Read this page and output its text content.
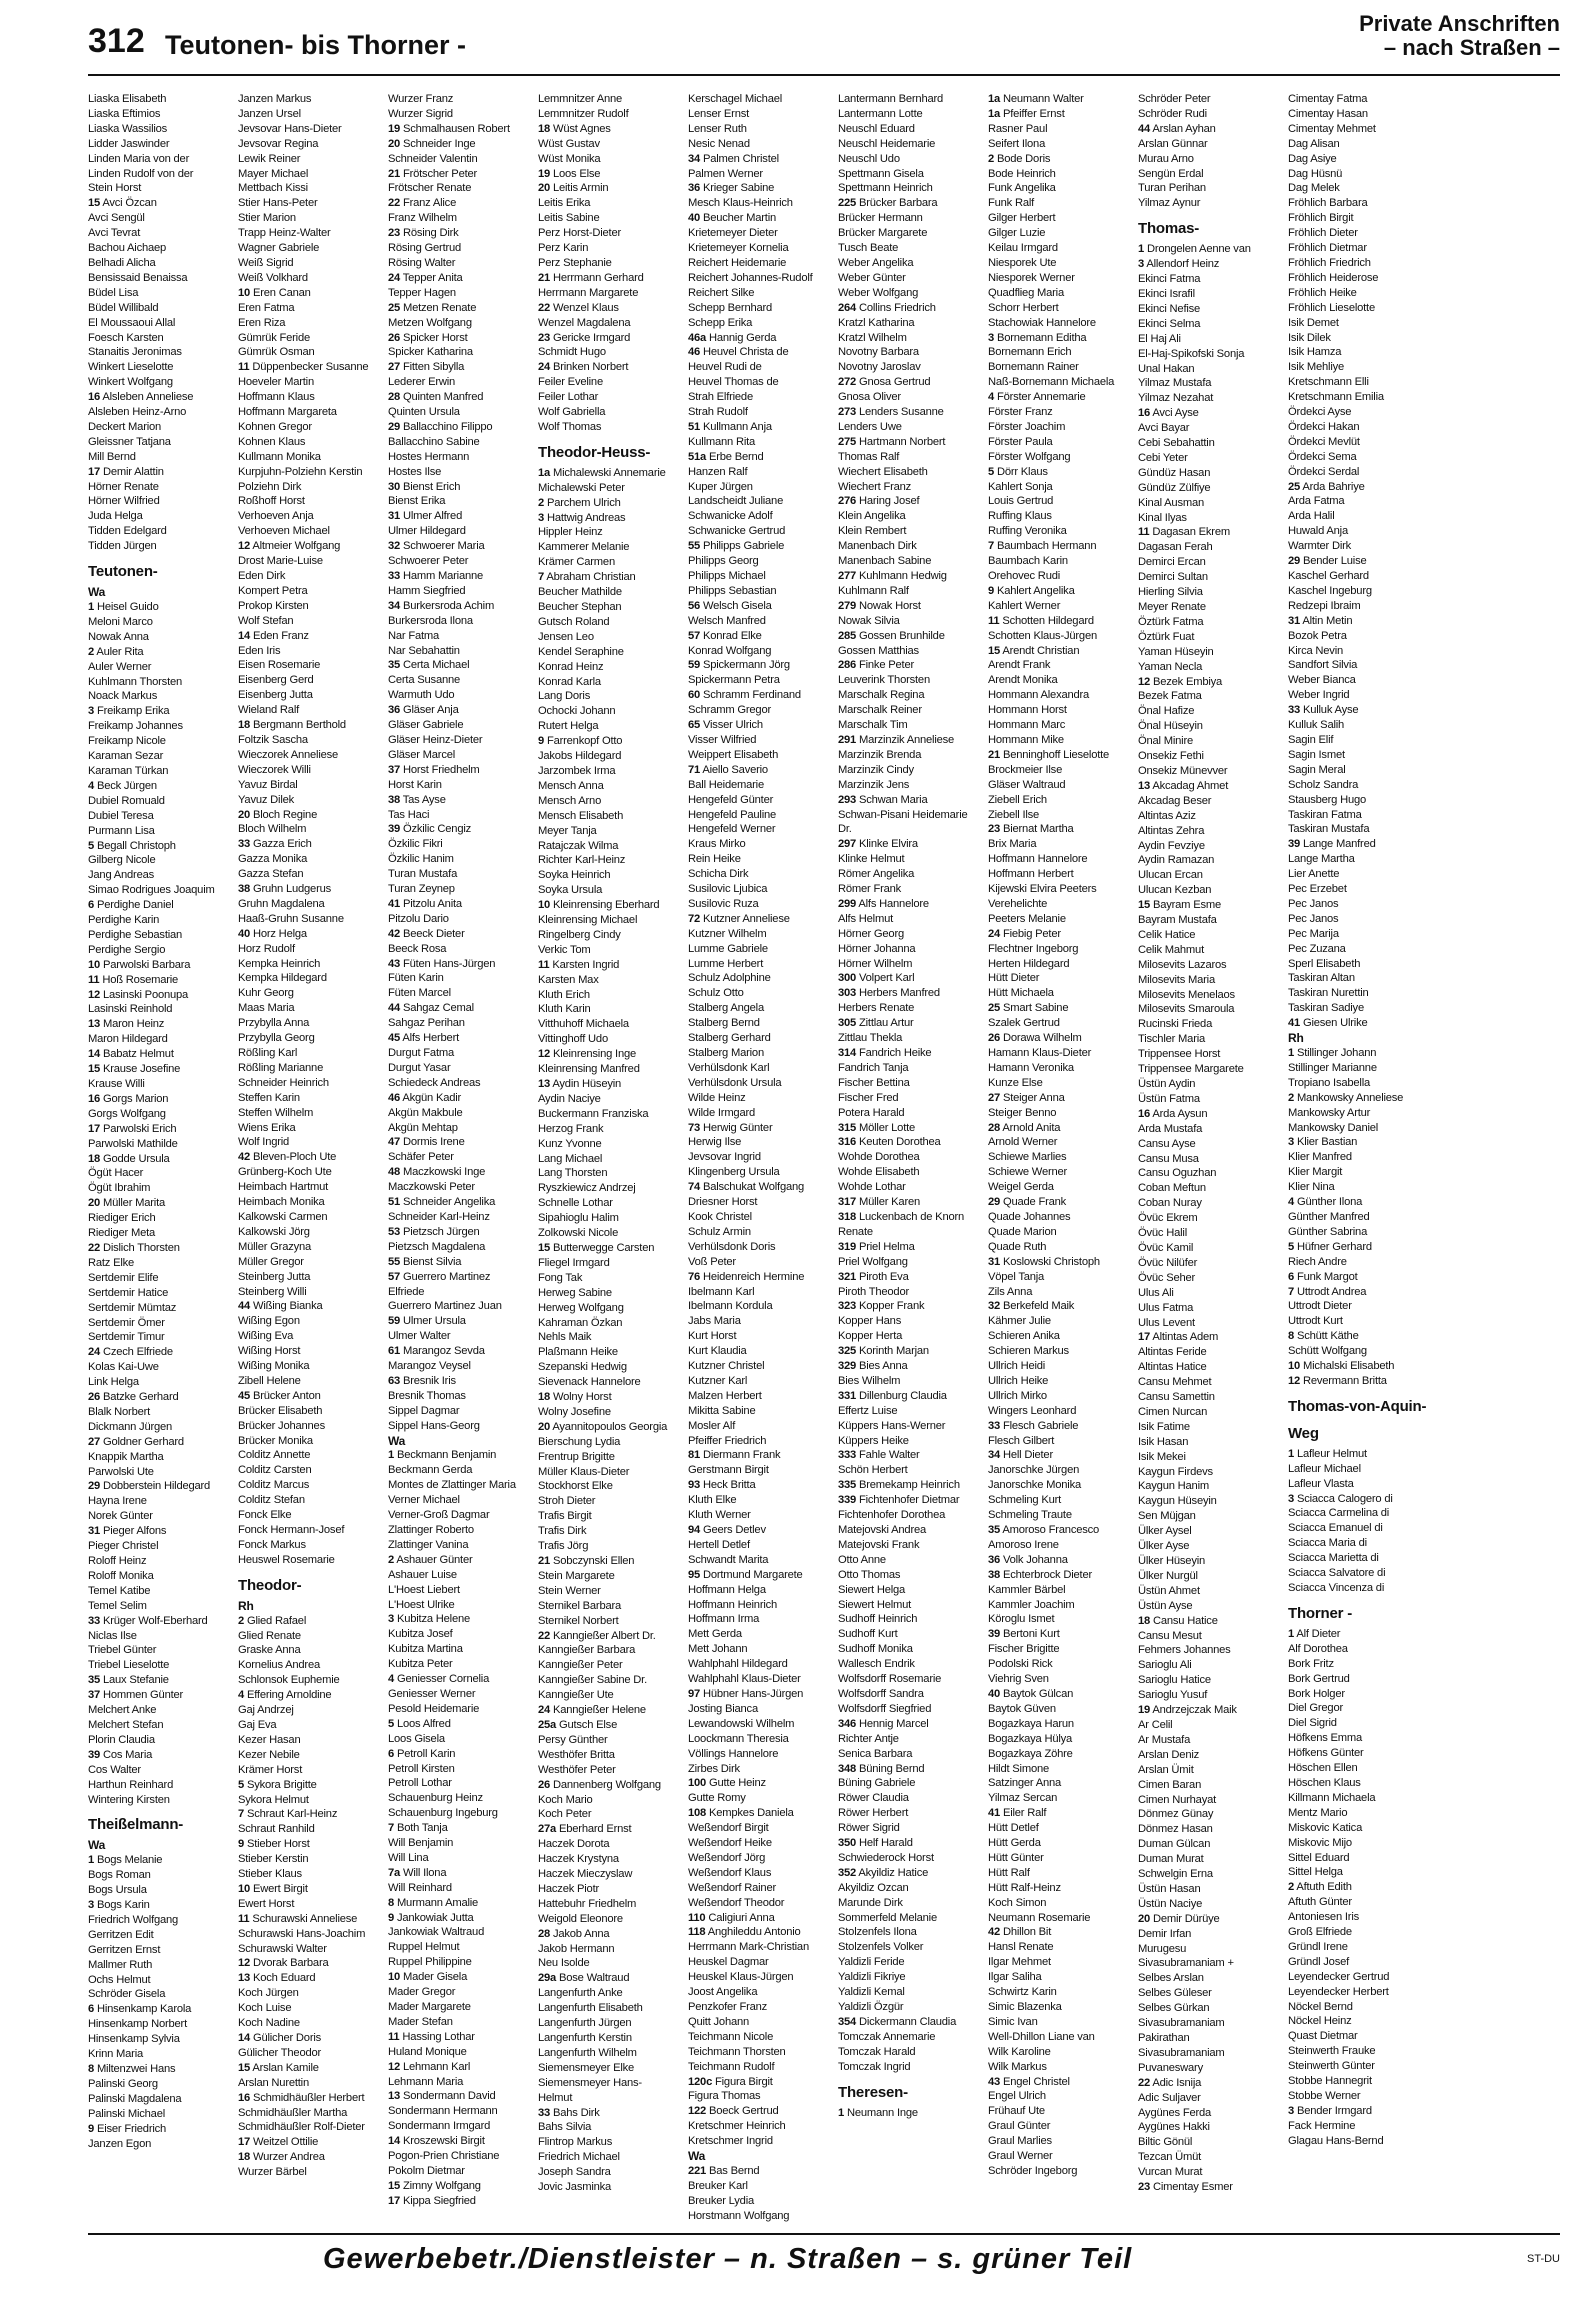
312 Teutonen- bis Thorner -
Private Anschriften
– nach Straßen –
Liaska Elisabeth
Liaska Eftimios
Liaska Wassilios
Lidder Jaswinder
Linden Maria von der
Linden Rudolf von der
Stein Horst
15 Avci Özcan
Avci Sengül
Avci Tevrat
Bachou Aichaep
Belhadi Alicha
Bensissaid Benaissa
Büdel Lisa
Büdel Willibald
El Moussaoui Allal
Foesch Karsten
Stanaitis Jeronimas
Winkert Lieselotte
Winkert Wolfgang
16 Alsleben Anneliese
Alsleben Heinz-Arno
Deckert Marion
Gleissner Tatjana
Mill Bernd
17 Demir Alattin
Hörner Renate
Hörner Wilfried
Juda Helga
Tidden Edelgard
Tidden Jürgen
Teutonen-
Wa
1 Heisel Guido
Meloni Marco
Nowak Anna
2 Auler Rita
Auler Werner
Kuhlmann Thorsten
Noack Markus
3 Freikamp Erika
Freikamp Johannes
Freikamp Nicole
Karaman Sezar
Karaman Türkan
4 Beck Jürgen
Dubiel Romuald
Dubiel Teresa
Purmann Lisa
5 Begall Christoph
Gilberg Nicole
Jang Andreas
Simao Rodrigues Joaquim
6 Perdighe Daniel
Perdighe Karin
Perdighe Sebastian
Perdighe Sergio
10 Parwolski Barbara
11 Hoß Rosemarie
12 Lasinski Poonupa
Lasinski Reinhold
13 Maron Heinz
Maron Hildegard
14 Babatz Helmut
15 Krause Josefine
Krause Willi
16 Gorgs Marion
Gorgs Wolfgang
17 Parwolski Erich
Parwolski Mathilde
18 Godde Ursula
Ögüt Hacer
Ögüt Ibrahim
20 Müller Marita
Riediger Erich
Riediger Meta
22 Dislich Thorsten
Ratz Elke
Sertdemir Elife
Sertdemir Hatice
Sertdemir Mümtaz
Sertdemir Ömer
Sertdemir Timur
24 Czech Elfriede
Kolas Kai-Uwe
Link Helga
26 Batzke Gerhard
Blalk Norbert
Dickmann Jürgen
27 Goldner Gerhard
Knappik Martha
Parwolski Ute
29 Dobberstein Hildegard
Hayna Irene
Norek Günter
31 Pieger Alfons
Pieger Christel
Roloff Heinz
Roloff Monika
Temel Katibe
Temel Selim
33 Krüger Wolf-Eberhard
Niclas Ilse
Triebel Günter
Triebel Lieselotte
35 Laux Stefanie
37 Hommen Günter
Melchert Anke
Melchert Stefan
Plorin Claudia
39 Cos Maria
Cos Walter
Harthun Reinhard
Wintering Kirsten
Theißelmann-
Wa
1 Bogs Melanie
Bogs Roman
Bogs Ursula
3 Bogs Karin
Friedrich Wolfgang
Gerritzen Edit
Gerritzen Ernst
Mallmer Ruth
Ochs Helmut
Schröder Gisela
6 Hinsenkamp Karola
Hinsenkamp Norbert
Hinsenkamp Sylvia
Krinn Maria
8 Miltenzwei Hans
Palinski Georg
Palinski Magdalena
Palinski Michael
9 Eiser Friedrich
Janzen Egon
Janzen Markus
Janzen Ursel
Jevsovar Hans-Dieter
Jevsovar Regina
Lewik Reiner
Mayer Michael
Mettbach Kissi
Stier Hans-Peter
Stier Marion
Trapp Heinz-Walter
Wagner Gabriele
Weiß Sigrid
Weiß Volkhard
10 Eren Canan
Eren Fatma
Eren Riza
Gümrük Feride
Gümrük Osman
11 Düppenbecker Susanne
Hoeveler Martin
Hoffmann Klaus
Hoffmann Margareta
Kohnen Gregor
Kohnen Klaus
Kullmann Monika
Kurpjuhn-Polziehn Kerstin
Polziehn Dirk
Roßhoff Horst
Verhoeven Anja
Verhoeven Michael
12 Altmeier Wolfgang
Drost Marie-Luise
Eden Dirk
Kompert Petra
Prokop Kirsten
Wolf Stefan
14 Eden Franz
Eden Iris
Eisen Rosemarie
Eisenberg Gerd
Eisenberg Jutta
Wieland Ralf
18 Bergmann Berthold
Foltzik Sascha
Wieczorek Anneliese
Wieczorek Willi
Yavuz Birdal
Yavuz Dilek
20 Bloch Regine
Bloch Wilhelm
33 Gazza Erich
Gazza Monika
Gazza Stefan
38 Gruhn Ludgerus
Gruhn Magdalena
Haaß-Gruhn Susanne
40 Horz Helga
Horz Rudolf
Kempka Heinrich
Kempka Hildegard
Kuhr Georg
Maas Maria
Przybylla Anna
Przybylla Georg
Rößling Karl
Rößling Marianne
Schneider Heinrich
Steffen Karin
Steffen Wilhelm
Wiens Erika
Wolf Ingrid
42 Bleven-Ploch Ute
Grünberg-Koch Ute
Heimbach Hartmut
Heimbach Monika
Kalkowski Carmen
Kalkowski Jörg
Müller Grazyna
Müller Gregor
Steinberg Jutta
Steinberg Willi
44 Wißing Bianka
Wißing Egon
Wißing Eva
Wißing Horst
Wißing Monika
Zibell Helene
45 Brücker Anton
Brücker Elisabeth
Brücker Johannes
Brücker Monika
Colditz Annette
Colditz Carsten
Colditz Marcus
Colditz Stefan
Fonck Elke
Fonck Hermann-Josef
Fonck Markus
Heuswel Rosemarie
Theodor-
Rh
2 Glied Rafael
Glied Renate
Graske Anna
Kornelius Andrea
Schlonsok Euphemie
4 Effering Arnoldine
Gaj Andrzej
Gaj Eva
Kezer Hasan
Kezer Nebile
Krämer Horst
5 Sykora Brigitte
Sykora Helmut
7 Schraut Karl-Heinz
Schraut Ranhild
9 Stieber Horst
Stieber Kerstin
Stieber Klaus
10 Ewert Birgit
Ewert Horst
11 Schurawski Anneliese
Schurawski Hans-Joachim
Schurawski Walter
12 Dvorak Barbara
13 Koch Eduard
Koch Jürgen
Koch Luise
Koch Nadine
14 Gülicher Doris
Gülicher Theodor
15 Arslan Kamile
Arslan Nurettin
16 Schmidhäußler Herbert
Schmidhäußler Martha
Schmidhäußler Rolf-Dieter
17 Weitzel Ottilie
18 Wurzer Andrea
Wurzer Bärbel
Wurzer Franz
Wurzer Sigrid
19 Schmalhausen Robert
20 Schneider Inge
Schneider Valentin
21 Frötscher Peter
Frötscher Renate
22 Franz Alice
Franz Wilhelm
23 Rösing Dirk
Rösing Gertrud
Rösing Walter
24 Tepper Anita
Tepper Hagen
25 Metzen Renate
Metzen Wolfgang
26 Spicker Horst
Spicker Katharina
27 Fitten Sibylla
Lederer Erwin
28 Quinten Manfred
Quinten Ursula
29 Ballacchino Filippo
Ballacchino Sabine
Hostes Hermann
Hostes Ilse
30 Bienst Erich
Bienst Erika
31 Ulmer Alfred
Ulmer Hildegard
32 Schwoerer Maria
Schwoerer Peter
33 Hamm Marianne
Hamm Siegfried
34 Burkersroda Achim
Burkersroda Ilona
Nar Fatma
Nar Sebahattin
35 Certa Michael
Certa Susanne
Warmuth Udo
36 Gläser Anja
Gläser Gabriele
Gläser Heinz-Dieter
Gläser Marcel
37 Horst Friedhelm
Horst Karin
38 Tas Ayse
Tas Haci
39 Özkilic Cengiz
Özkilic Fikri
Özkilic Hanim
Turan Mustafa
Turan Zeynep
41 Pitzolu Anita
Pitzolu Dario
42 Beeck Dieter
Beeck Rosa
43 Füten Hans-Jürgen
Füten Karin
Füten Marcel
44 Sahgaz Cemal
Sahgaz Perihan
45 Alfs Herbert
Durgut Fatma
Durgut Yasar
Schiedeck Andreas
46 Akgün Kadir
Akgün Makbule
Akgün Mehtap
47 Dormis Irene
Schäfer Peter
48 Maczkowski Inge
Maczkowski Peter
51 Schneider Angelika
Schneider Karl-Heinz
53 Pietzsch Jürgen
Pietzsch Magdalena
55 Bienst Silvia
57 Guerrero Martinez
Elfriede
Guerrero Martinez Juan
59 Ulmer Ursula
Ulmer Walter
61 Marangoz Sevda
Marangoz Veysel
63 Bresnik Iris
Bresnik Thomas
Sippel Dagmar
Sippel Hans-Georg
Wa
1 Beckmann Benjamin
Beckmann Gerda
Montes de Zlattinger Maria
Verner Michael
Verner-Groß Dagmar
Zlattinger Roberto
Zlattinger Vanina
2 Ashauer Günter
Ashauer Luise
L'Hoest Liebert
L'Hoest Ulrike
3 Kubitza Helene
Kubitza Josef
Kubitza Martina
Kubitza Peter
4 Geniesser Cornelia
Geniesser Werner
Pesold Heidemarie
5 Loos Alfred
Loos Gisela
6 Petroll Karin
Petroll Kirsten
Petroll Lothar
Schauenburg Heinz
Schauenburg Ingeburg
7 Both Tanja
Will Benjamin
Will Lina
7a Will Ilona
Will Reinhard
8 Murmann Amalie
9 Jankowiak Jutta
Jankowiak Waltraud
Ruppel Helmut
Ruppel Philippine
10 Mader Gisela
Mader Gregor
Mader Margarete
Mader Stefan
11 Hassing Lothar
Huland Monique
12 Lehmann Karl
Lehmann Maria
13 Sondermann David
Sondermann Hermann
Sondermann Irmgard
14 Kroszewski Birgit
Pogon-Prien Christiane
Pokolm Dietmar
15 Zimny Wolfgang
17 Kippa Siegfried
Lemmnitzer Anne
Lemmnitzer Rudolf
18 Wüst Agnes
Wüst Gustav
Wüst Monika
19 Loos Else
20 Leitis Armin
Leitis Erika
Leitis Sabine
Perz Horst-Dieter
Perz Karin
Perz Stephanie
21 Herrmann Gerhard
Herrmann Margarete
22 Wenzel Klaus
Wenzel Magdalena
23 Gericke Irmgard
Schmidt Hugo
24 Brinken Norbert
Feiler Eveline
Feiler Lothar
Wolf Gabriella
Wolf Thomas
Theodor-Heuss-
1a Michalewski Annemarie
Michalewski Peter
2 Parchem Ulrich
3 Hattwig Andreas
Hippler Heinz
Kammerer Melanie
Krämer Carmen
7 Abraham Christian
Beucher Mathilde
Beucher Stephan
Gutsch Roland
Jensen Leo
Kendel Seraphine
Konrad Heinz
Konrad Karla
Lang Doris
Ochocki Johann
Rutert Helga
9 Farrenkopf Otto
Jakobs Hildegard
Jarzombek Irma
Mensch Anna
Mensch Arno
Mensch Elisabeth
Meyer Tanja
Ratajczak Wilma
Richter Karl-Heinz
Soyka Heinrich
Soyka Ursula
10 Kleinrensing Eberhard
Kleinrensing Michael
Ringelberg Cindy
Verkic Tom
11 Karsten Ingrid
Karsten Max
Kluth Erich
Kluth Karin
Vitthuhoff Michaela
Vittinghoff Udo
12 Kleinrensing Inge
Kleinrensing Manfred
13 Aydin Hüseyin
Aydin Naciye
Buckermann Franziska
Herzog Frank
Kunz Yvonne
Lang Michael
Lang Thorsten
Ryszkiewicz Andrzej
Schnelle Lothar
Sipahioglu Halim
Zolkowski Nicole
15 Butterwegge Carsten
Fliegel Irmgard
Fong Tak
Herweg Sabine
Herweg Wolfgang
Kahraman Özkan
Nehls Maik
Plaßmann Heike
Szepanski Hedwig
Sievenack Hannelore
18 Wolny Horst
Wolny Josefine
20 Ayannitopoulos Georgia
Bierschung Lydia
Frentrup Brigitte
Müller Klaus-Dieter
Stockhorst Elke
Stroh Dieter
Trafis Birgit
Trafis Dirk
Trafis Jörg
21 Sobczynski Ellen
Stein Margarete
Stein Werner
Sternikel Barbara
Sternikel Norbert
22 Kanngießer Albert Dr.
Kanngießer Barbara
Kanngießer Peter
Kanngießer Sabine Dr.
Kanngießer Ute
24 Kanngießer Helene
25a Gutsch Else
Persy Günther
Westhöfer Britta
Westhöfer Peter
26 Dannenberg Wolfgang
Koch Mario
Koch Peter
27a Eberhard Ernst
Haczek Dorota
Haczek Krystyna
Haczek Mieczyslaw
Haczek Piotr
Hattebuhr Friedhelm
Weigold Eleonore
28 Jakob Anna
Jakob Hermann
Neu Isolde
29a Bose Waltraud
Langenfurth Anke
Langenfurth Elisabeth
Langenfurth Jürgen
Langenfurth Kerstin
Langenfurth Wilhelm
Siemensmeyer Elke
Siemensmeyer Hans-
Helmut
33 Bahs Dirk
Bahs Silvia
Flintrop Markus
Friedrich Michael
Joseph Sandra
Jovic Jasminka
Kerschagel Michael
Lenser Ernst
Lenser Ruth
Nesic Nenad
34 Palmen Christel
Palmen Werner
36 Krieger Sabine
Mesch Klaus-Heinrich
40 Beucher Martin
Krietemeyer Dieter
Krietemeyer Kornelia
Reichert Heidemarie
Reichert Johannes-Rudolf
Reichert Silke
Schepp Bernhard
Schepp Erika
46a Hannig Gerda
46 Heuvel Christa de
Heuvel Rudi de
Heuvel Thomas de
Strah Elfriede
Strah Rudolf
51 Kullmann Anja
Kullmann Rita
51a Erbe Bernd
Hanzen Ralf
Kuper Jürgen
Landscheidt Juliane
Schwanicke Adolf
Schwanicke Gertrud
55 Philipps Gabriele
Philipps Georg
Philipps Michael
Philipps Sebastian
56 Welsch Gisela
Welsch Manfred
57 Konrad Elke
Konrad Wolfgang
59 Spickermann Jörg
Spickermann Petra
60 Schramm Ferdinand
Schramm Gregor
65 Visser Ulrich
Visser Wilfried
Weippert Elisabeth
71 Aiello Saverio
Ball Heidemarie
Hengefeld Günter
Hengefeld Pauline
Hengefeld Werner
Kraus Mirko
Rein Heike
Schicha Dirk
Susilovic Ljubica
Susilovic Ruza
72 Kutzner Anneliese
Kutzner Wilhelm
Lumme Gabriele
Lumme Herbert
Schulz Adolphine
Schulz Otto
Stalberg Angela
Stalberg Bernd
Stalberg Gerhard
Stalberg Marion
Verhülsdonk Karl
Verhülsdonk Ursula
Wilde Heinz
Wilde Irmgard
73 Herwig Günter
Herwig Ilse
Jevsovar Ingrid
Klingenberg Ursula
74 Balschukat Wolfgang
Driesner Horst
Kook Christel
Schulz Armin
Verhülsdonk Doris
Voß Peter
76 Heidenreich Hermine
Ibelmann Karl
Ibelmann Kordula
Jabs Maria
Kurt Horst
Kurt Klaudia
Kutzner Christel
Kutzner Karl
Malzen Herbert
Mikitta Sabine
Mosler Alf
Pfeiffer Friedrich
81 Diermann Frank
Gerstmann Birgit
93 Heck Britta
Kluth Elke
Kluth Werner
94 Geers Detlev
Hertell Detlef
Schwandt Marita
95 Dortmund Margarete
Hoffmann Helga
Hoffmann Heinrich
Hoffmann Irma
Mett Gerda
Mett Johann
Wahlphahl Hildegard
Wahlphahl Klaus-Dieter
97 Hübner Hans-Jürgen
Josting Bianca
Lewandowski Wilhelm
Loockmann Theresia
Völlings Hannelore
Zirbes Dirk
100 Gutte Heinz
Gutte Romy
108 Kempkes Daniela
Weßendorf Birgit
Weßendorf Heike
Weßendorf Jörg
Weßendorf Klaus
Weßendorf Rainer
Weßendorf Theodor
110 Caligiuri Anna
118 Anghileddu Antonio
Herrmann Mark-Christian
Heuskel Dagmar
Heuskel Klaus-Jürgen
Joost Angelika
Penzkofer Franz
Quitt Johann
Teichmann Nicole
Teichmann Thorsten
Teichmann Rudolf
120c Figura Birgit
Figura Thomas
122 Boeck Gertrud
Kretschmer Heinrich
Kretschmer Ingrid
Wa
221 Bas Bernd
Breuker Karl
Breuker Lydia
Horstmann Wolfgang
Lantermann Bernhard
Lantermann Lotte
Neuschl Eduard
Neuschl Heidemarie
Neuschl Udo
Spettmann Gisela
Spettmann Heinrich
225 Brücker Barbara
Brücker Hermann
Brücker Margarete
Tusch Beate
Weber Angelika
Weber Günter
Weber Wolfgang
264 Collins Friedrich
Kratzl Katharina
Kratzl Wilhelm
Novotny Barbara
Novotny Jaroslav
272 Gnosa Gertrud
Gnosa Oliver
273 Lenders Susanne
Lenders Uwe
275 Hartmann Norbert
Thomas Ralf
Wiechert Elisabeth
Wiechert Franz
276 Haring Josef
Klein Angelika
Klein Rembert
Manenbach Dirk
Manenbach Sabine
277 Kuhlmann Hedwig
Kuhlmann Ralf
279 Nowak Horst
Nowak Silvia
285 Gossen Brunhilde
Gossen Matthias
286 Finke Peter
Leuverink Thorsten
Marschalk Regina
Marschalk Reiner
Marschalk Tim
291 Marzinzik Anneliese
Marzinzik Brenda
Marzinzik Cindy
Marzinzik Jens
293 Schwan Maria
Schwan-Pisani Heidemarie
Dr.
297 Klinke Elvira
Klinke Helmut
Römer Angelika
Römer Frank
299 Alfs Hannelore
Alfs Helmut
Hörner Georg
Hörner Johanna
Hörner Wilhelm
300 Volpert Karl
303 Herbers Manfred
Herbers Renate
305 Zittlau Artur
Zittlau Thekla
314 Fandrich Heike
Fandrich Tanja
Fischer Bettina
Fischer Fred
Potera Harald
315 Möller Lotte
316 Keuten Dorothea
Wohde Dorothea
Wohde Elisabeth
Wohde Lothar
317 Müller Karen
318 Luckenbach de Knorn
Renate
319 Priel Helma
Priel Wolfgang
321 Piroth Eva
Piroth Theodor
323 Kopper Frank
Kopper Hans
Kopper Herta
325 Korinth Marjan
329 Bies Anna
Bies Wilhelm
331 Dillenburg Claudia
Effertz Luise
Küppers Hans-Werner
Küppers Heike
333 Fahle Walter
Schön Herbert
335 Bremekamp Heinrich
339 Fichtenhofer Dietmar
Fichtenhofer Dorothea
Matejovski Andrea
Matejovski Frank
Otto Anne
Otto Thomas
Siewert Helga
Siewert Helmut
Sudhoff Heinrich
Sudhoff Kurt
Sudhoff Monika
Wallesch Endrik
Wolfsdorff Rosemarie
Wolfsdorff Sandra
Wolfsdorff Siegfried
346 Hennig Marcel
Richter Antje
Senica Barbara
348 Büning Bernd
Büning Gabriele
Röwer Claudia
Röwer Herbert
Röwer Sigrid
350 Helf Harald
Schwiederock Horst
352 Akyildiz Hatice
Akyildiz Ozcan
Marunde Dirk
Sommerfeld Melanie
Stolzenfels Ilona
Stolzenfels Volker
Yaldizli Feride
Yaldizli Fikriye
Yaldizli Kemal
Yaldizli Özgür
354 Dickermann Claudia
Tomczak Annemarie
Tomczak Harald
Tomczak Ingrid
Theresen-
1 Neumann Inge
1a Neumann Walter
1a Pfeiffer Ernst
Rasner Paul
Seifert Ilona
2 Bode Doris
Bode Heinrich
Funk Angelika
Funk Ralf
Gilger Herbert
Gilger Luzie
Keilau Irmgard
Niesporek Ute
Niesporek Werner
Quadflieg Maria
Schorr Herbert
Stachowiak Hannelore
3 Bornemann Editha
Bornemann Erich
Bornemann Rainer
Naß-Bornemann Michaela
4 Förster Annemarie
Förster Franz
Förster Joachim
Förster Paula
Förster Wolfgang
5 Dörr Klaus
Kahlert Sonja
Louis Gertrud
Ruffing Klaus
Ruffing Veronika
7 Baumbach Hermann
Baumbach Karin
Orehovec Rudi
9 Kahlert Angelika
Kahlert Werner
11 Schotten Hildegard
Schotten Klaus-Jürgen
15 Arendt Christian
Arendt Frank
Arendt Monika
Hommann Alexandra
Hommann Horst
Hommann Marc
Hommann Mike
21 Benninghoff Lieselotte
Brockmeier Ilse
Gläser Waltraud
Ziebell Erich
Ziebell Ilse
23 Biernat Martha
Brix Maria
Hoffmann Hannelore
Hoffmann Herbert
Kijewski Elvira Peeters
Verehelichte
Peeters Melanie
24 Fiebig Peter
Flechtner Ingeborg
Herten Hildegard
Hütt Dieter
Hütt Michaela
25 Smart Sabine
Szalek Gertrud
26 Dorawa Wilhelm
Hamann Klaus-Dieter
Hamann Veronika
Kunze Else
27 Steiger Anna
Steiger Benno
28 Arnold Anita
Arnold Werner
Schiewe Marlies
Schiewe Werner
Weigel Gerda
29 Quade Frank
Quade Johannes
Quade Marion
Quade Ruth
31 Koslowski Christoph
Vöpel Tanja
Zils Anna
32 Berkefeld Maik
Kähmer Julie
Schieren Anika
Schieren Markus
Ullrich Heidi
Ullrich Heike
Ullrich Mirko
Wingers Leonhard
33 Flesch Gabriele
Flesch Gilbert
34 Hell Dieter
Janorschke Jürgen
Janorschke Monika
Schmeling Kurt
Schmeling Traute
35 Amoroso Francesco
Amoroso Irene
36 Volk Johanna
38 Echterbrock Dieter
Kammler Bärbel
Kammler Joachim
Köroglu Ismet
39 Bertoni Kurt
Fischer Brigitte
Podolski Rick
Viehrig Sven
40 Baytok Gülcan
Baytok Güven
Bogazkaya Harun
Bogazkaya Hülya
Bogazkaya Zöhre
Hildt Simone
Satzinger Anna
Yilmaz Sercan
41 Eiler Ralf
Hütt Detlef
Hütt Gerda
Hütt Günter
Hütt Ralf
Hütt Ralf-Heinz
Koch Simon
Neumann Rosemarie
42 Dhillon Bit
Hansl Renate
Ilgar Mehmet
Ilgar Saliha
Schwirtz Karin
Simic Blazenka
Simic Ivan
Well-Dhillon Liane van
Wilk Karoline
Wilk Markus
43 Engel Christel
Engel Ulrich
Frühauf Ute
Graul Günter
Graul Marlies
Graul Werner
Schröder Ingeborg
Schröder Peter
Schröder Rudi
44 Arslan Ayhan
Arslan Günnar
Murau Arno
Sengün Erdal
Turan Perihan
Yilmaz Aynur
Thomas-
1 Drongelen Aenne van
3 Allendorf Heinz
Ekinci Fatma
Ekinci Israfil
Ekinci Nefise
Ekinci Selma
El Haj Ali
El-Haj-Spikofski Sonja
Unal Hakan
Yilmaz Mustafa
Yilmaz Nezahat
16 Avci Ayse
Avci Bayar
Cebi Sebahattin
Cebi Yeter
Gündüz Hasan
Gündüz Zülfiye
Kinal Ausman
Kinal Ilyas
11 Dagasan Ekrem
Dagasan Ferah
Demirci Ercan
Demirci Sultan
Hierling Silvia
Meyer Renate
Öztürk Fatma
Öztürk Fuat
Yaman Hüseyin
Yaman Necla
12 Bezek Embiya
Bezek Fatma
Önal Hafize
Önal Hüseyin
Önal Minire
Onsekiz Fethi
Onsekiz Münevver
13 Akcadag Ahmet
Akcadag Beser
Altintas Aziz
Altintas Zehra
Aydin Fevziye
Aydin Ramazan
Ulucan Ercan
Ulucan Kezban
15 Bayram Esme
Bayram Mustafa
Celik Hatice
Celik Mahmut
Milosevits Lazaros
Milosevits Maria
Milosevits Menelaos
Milosevits Smaroula
Rucinski Frieda
Tischler Maria
Trippensee Horst
Trippensee Margarete
Üstün Aydin
Üstün Fatma
16 Arda Aysun
Arda Mustafa
Cansu Ayse
Cansu Musa
Cansu Oguzhan
Coban Meftun
Coban Nuray
Övüc Ekrem
Övüc Halil
Övüc Kamil
Övüc Nilüfer
Övüc Seher
Ulus Ali
Ulus Fatma
Ulus Levent
17 Altintas Adem
Altintas Feride
Altintas Hatice
Cansu Mehmet
Cansu Samettin
Cimen Nurcan
Isik Fatime
Isik Hasan
Isik Mekei
Kaygun Firdevs
Kaygun Hanim
Kaygun Hüseyin
Sen Müjgan
Ülker Aysel
Ülker Ayse
Ülker Hüseyin
Ülker Nurgül
Üstün Ahmet
Üstün Ayse
18 Cansu Hatice
Cansu Mesut
Fehmers Johannes
Sarioglu Ali
Sarioglu Hatice
Sarioglu Yusuf
19 Andrzejczak Maik
Ar Celil
Ar Mustafa
Arslan Deniz
Arslan Ümit
Cimen Baran
Cimen Nurhayat
Dönmez Günay
Dönmez Hasan
Duman Gülcan
Duman Murat
Schwelgin Erna
Üstün Hasan
Üstün Naciye
20 Demir Dürüye
Demir Irfan
Murugesu
Sivasubramaniam +
Selbes Arslan
Selbes Güleser
Selbes Gürkan
Sivasubramaniam
Pakirathan
Sivasubramaniam
Puvaneswary
22 Adic Isnija
Adic Suljaver
Aygünes Ferda
Aygünes Hakki
Biltic Gönül
Tezcan Ümüt
Vurcan Murat
23 Cimentay Esmer
Cimentay Fatma
Cimentay Hasan
Cimentay Mehmet
Dag Alisan
Dag Asiye
Dag Hüsnü
Dag Melek
Fröhlich Barbara
Fröhlich Birgit
Fröhlich Dieter
Fröhlich Dietmar
Fröhlich Friedrich
Fröhlich Heiderose
Fröhlich Heike
Fröhlich Lieselotte
Isik Demet
Isik Dilek
Isik Hamza
Isik Mehliye
Kretschmann Elli
Kretschmann Emilia
Ördekci Ayse
Ördekci Hakan
Ördekci Mevlüt
Ördekci Sema
Ördekci Serdal
25 Arda Bahriye
Arda Fatma
Arda Halil
Huwald Anja
Warmter Dirk
29 Bender Luise
Kaschel Gerhard
Kaschel Ingeburg
Redzepi Ibraim
31 Altin Metin
Bozok Petra
Kirca Nevin
Sandfort Silvia
Weber Bianca
Weber Ingrid
33 Kulluk Ayse
Kulluk Salih
Sagin Elif
Sagin Ismet
Sagin Meral
Scholz Sandra
Stausberg Hugo
Taskiran Fatma
Taskiran Mustafa
39 Lange Manfred
Lange Martha
Lier Anette
Pec Erzebet
Pec Janos
Pec Janos
Pec Marija
Pec Zuzana
Sperl Elisabeth
Taskiran Altan
Taskiran Nurettin
Taskiran Sadiye
41 Giesen Ulrike
Rh
1 Stillinger Johann
Stillinger Marianne
Tropiano Isabella
2 Mankowsky Anneliese
Mankowsky Artur
Mankowsky Daniel
3 Klier Bastian
Klier Manfred
Klier Margit
Klier Nina
4 Günther Ilona
Günther Manfred
Günther Sabrina
5 Hüfner Gerhard
Riech Andre
6 Funk Margot
7 Uttrodt Andrea
Uttrodt Dieter
Uttrodt Kurt
8 Schütt Käthe
Schütt Wolfgang
10 Michalski Elisabeth
12 Revermann Britta
Thomas-von-Aquin-
Weg
1 Lafleur Helmut
Lafleur Michael
Lafleur Vlasta
3 Sciacca Calogero di
Sciacca Carmelina di
Sciacca Emanuel di
Sciacca Maria di
Sciacca Marietta di
Sciacca Salvatore di
Sciacca Vincenza di
Thorner -
1 Alf Dieter
Alf Dorothea
Bork Fritz
Bork Gertrud
Bork Holger
Diel Gregor
Diel Sigrid
Höfkens Emma
Höfkens Günter
Höschen Ellen
Höschen Klaus
Killmann Michaela
Mentz Mario
Miskovic Katica
Miskovic Mijo
Sittel Eduard
Sittel Helga
2 Aftuth Edith
Aftuth Günter
Antoniesen Iris
Groß Elfriede
Gründl Irene
Gründl Josef
Leyendecker Gertrud
Leyendecker Herbert
Nöckel Bernd
Nöckel Heinz
Quast Dietmar
Steinwerth Frauke
Steinwerth Günter
Stobbe Hannegrit
Stobbe Werner
3 Bender Irmgard
Fack Hermine
Glagau Hans-Bernd
Gewerbebetr./Dienstleister – n. Straßen – s. grüner Teil	ST-DU
